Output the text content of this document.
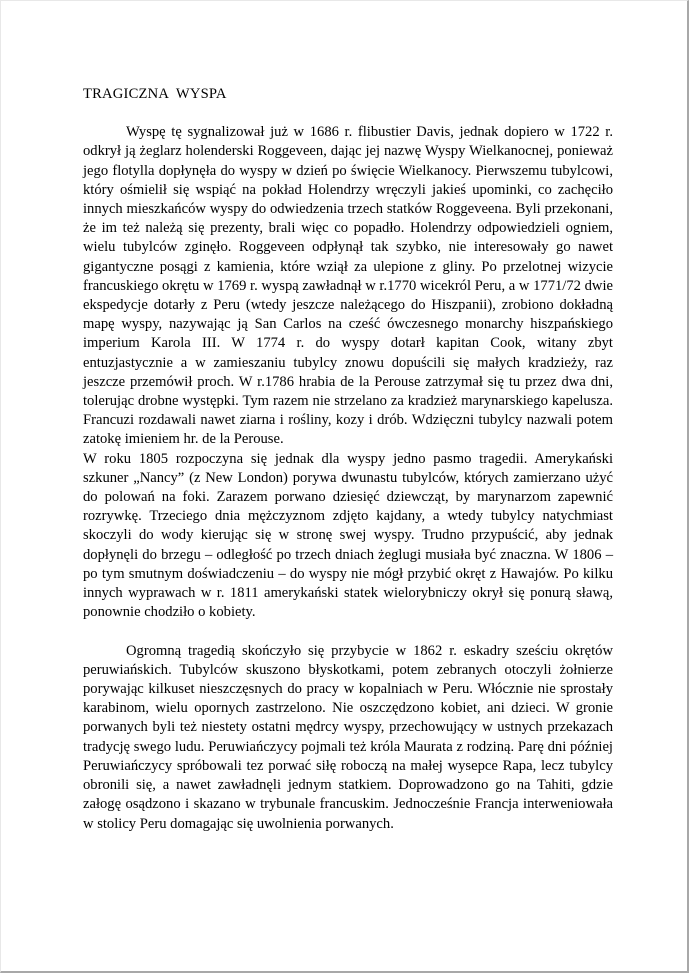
TRAGICZNA WYSPA

Wyspę tę sygnalizował już w 1686 r. flibustier Davis, jednak dopiero w 1722 r. odkrył ją żeglarz holenderski Roggeveen, dając jej nazwę Wyspy Wielkanocnej, ponieważ jego flotylla dopłynęła do wyspy w dzień po święcie Wielkanocy. Pierwszemu tubylcowi, który ośmielił się wspiąć na pokład Holendrzy wręczyli jakieś upominki, co zachęciło innych mieszkańców wyspy do odwiedzenia trzech statków Roggeveena. Byli przekonani, że im też należą się prezenty, brali więc co popadło. Holendrzy odpowiedzieli ogniem, wielu tubylców zginęło. Roggeveen odpłynął tak szybko, nie interesowały go nawet gigantyczne posągi z kamienia, które wziął za ulepione z gliny. Po przelotnej wizycie francuskiego okrętu w 1769 r. wyspą zawładnął w r.1770 wicekról Peru, a w 1771/72 dwie ekspedycje dotarły z Peru (wtedy jeszcze należącego do Hiszpanii), zrobiono dokładną mapę wyspy, nazywając ją San Carlos na cześć ówczesnego monarchy hiszpańskiego imperium Karola III. W 1774 r. do wyspy dotarł kapitan Cook, witany zbyt entuzjastycznie a w zamieszaniu tubylcy znowu dopuścili się małych kradzieży, raz jeszcze przemówił proch. W r.1786 hrabia de la Perouse zatrzymał się tu przez dwa dni, tolerując drobne występki. Tym razem nie strzelano za kradzież marynarskiego kapelusza. Francuzi rozdawali nawet ziarna i rośliny, kozy i drób. Wdzięczni tubylcy nazwali potem zatokę imieniem hr. de la Perouse.

W roku 1805 rozpoczyna się jednak dla wyspy jedno pasmo tragedii. Amerykański szkuner „Nancy” (z New London) porywa dwunastu tubylców, których zamierzano użyć do polowań na foki. Zarazem porwano dziesięć dziewcząt, by marynarzom zapewnić rozrywkę. Trzeciego dnia mężczyznom zdjęto kajdany, a wtedy tubylcy natychmiast skoczyli do wody kierując się w stronę swej wyspy. Trudno przypuścić, aby jednak dopłynęli do brzegu – odległość po trzech dniach żeglugi musiała być znaczna. W 1806 – po tym smutnym doświadczeniu – do wyspy nie mógł przybić okręt z Hawajów. Po kilku innych wyprawach w r. 1811 amerykański statek wielorybniczy okrył się ponurą sławą, ponownie chodziło o kobiety.

Ogromną tragedią skończyło się przybycie w 1862 r. eskadry sześciu okrętów peruwiańskich. Tubylców skuszono błyskotkami, potem zebranych otoczyli żołnierze porywając kilkuset nieszczęsnych do pracy w kopalniach w Peru. Włócznie nie sprostały karabinom, wielu opornych zastrzelono. Nie oszczędzono kobiet, ani dzieci. W gronie porwanych byli też niestety ostatni mędrcy wyspy, przechowujący w ustnych przekazach tradycję swego ludu. Peruwiańczycy pojmali też króla Maurata z rodziną. Parę dni później Peruwiańczycy spróbowali tez porwać siłę roboczą na małej wysepce Rapa, lecz tubylcy obronili się, a nawet zawładnęli jednym statkiem. Doprowadzono go na Tahiti, gdzie załogę osądzono i skazano w trybunale francuskim. Jednocześnie Francja interweniowała w stolicy Peru domagając się uwolnienia porwanych.
